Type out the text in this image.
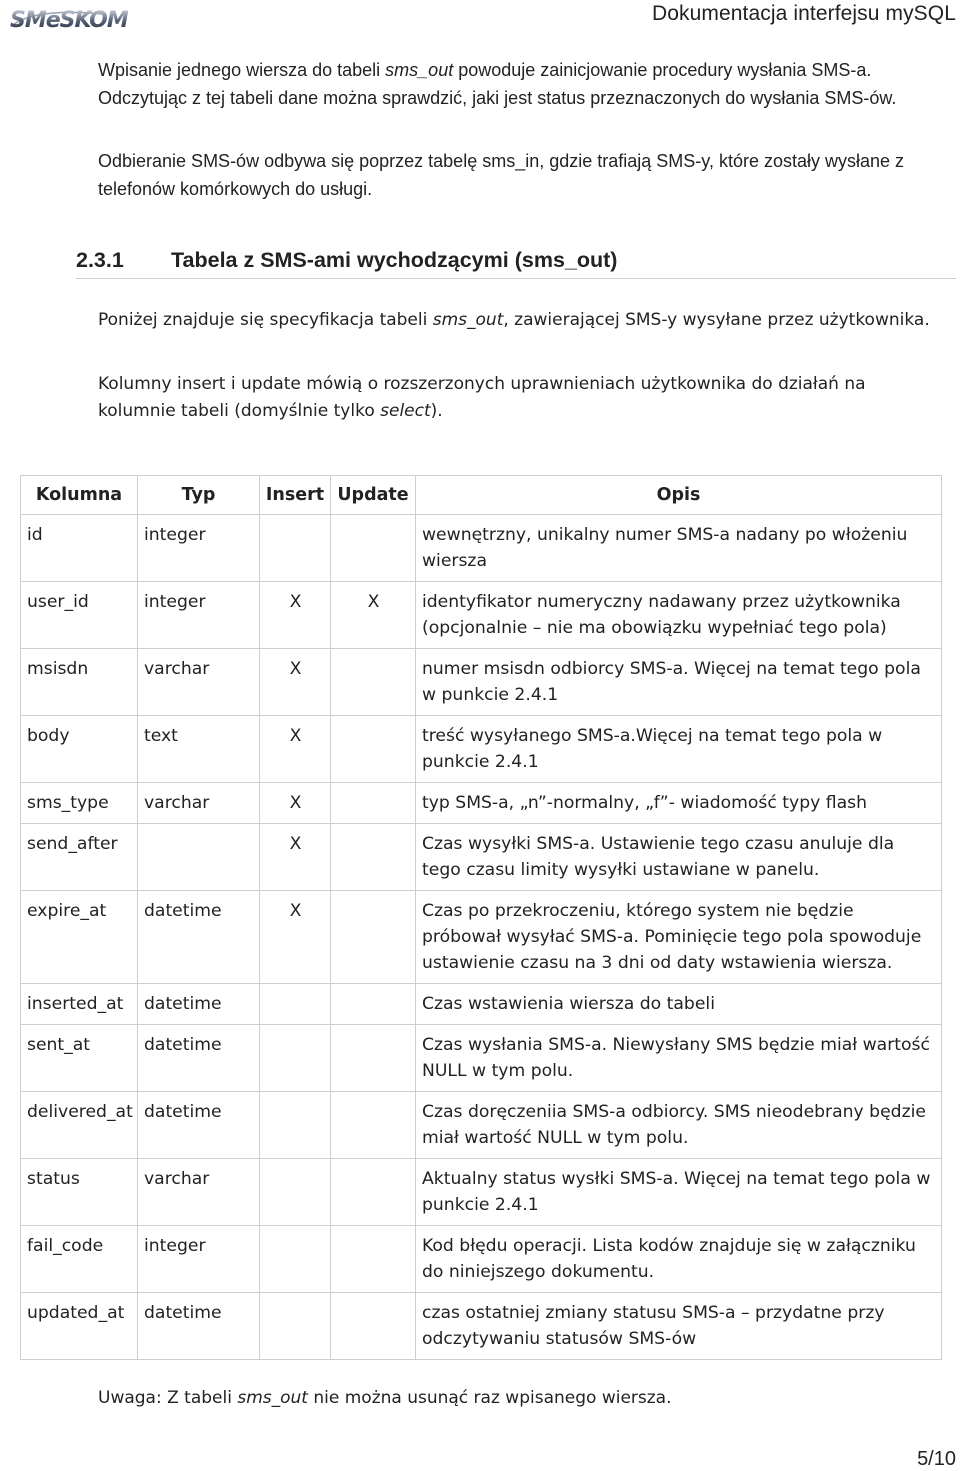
SMeSKOM	Dokumentacja interfejsu mySQL
Wpisanie jednego wiersza do tabeli sms_out powoduje zainicjowanie procedury wysłania SMS-a. Odczytując z tej tabeli dane można sprawdzić, jaki jest status przeznaczonych do wysłania SMS-ów.
Odbieranie SMS-ów odbywa się poprzez tabelę sms_in, gdzie trafiają SMS-y, które zostały wysłane z telefonów komórkowych do usługi.
2.3.1 Tabela z SMS-ami wychodzącymi (sms_out)
Poniżej znajduje się specyfikacja tabeli sms_out, zawierającej SMS-y wysyłane przez użytkownika.
Kolumny insert i update mówią o rozszerzonych uprawnieniach użytkownika do działań na kolumnie tabeli (domyślnie tylko select).
Kolumna	Typ	Insert	Update	Opis
id	integer			wewnętrzny, unikalny numer SMS-a nadany po włożeniu wiersza
user_id	integer	X	X	identyfikator numeryczny nadawany przez użytkownika (opcjonalnie – nie ma obowiązku wypełniać tego pola)
msisdn	varchar	X		numer msisdn odbiorcy SMS-a. Więcej na temat tego pola w punkcie 2.4.1
body	text	X		treść wysyłanego SMS-a.Więcej na temat tego pola w punkcie 2.4.1
sms_type	varchar	X		typ SMS-a, „n”-normalny, „f”- wiadomość typy flash
send_after		X		Czas wysyłki SMS-a. Ustawienie tego czasu anuluje dla tego czasu limity wysyłki ustawiane w panelu.
expire_at	datetime	X		Czas po przekroczeniu, którego system nie będzie próbował wysyłać SMS-a. Pominięcie tego pola spowoduje ustawienie czasu na 3 dni od daty wstawienia wiersza.
inserted_at	datetime			Czas wstawienia wiersza do tabeli
sent_at	datetime			Czas wysłania SMS-a. Niewysłany SMS będzie miał wartość NULL w tym polu.
delivered_at	datetime			Czas doręczeniia SMS-a odbiorcy. SMS nieodebrany będzie miał wartość NULL w tym polu.
status	varchar			Aktualny status wysłki SMS-a. Więcej na temat tego pola w punkcie 2.4.1
fail_code	integer			Kod błędu operacji. Lista kodów znajduje się w załączniku do niniejszego dokumentu.
updated_at	datetime			czas ostatniej zmiany statusu SMS-a – przydatne przy odczytywaniu statusów SMS-ów
Uwaga: Z tabeli sms_out nie można usunąć raz wpisanego wiersza.
5/10
